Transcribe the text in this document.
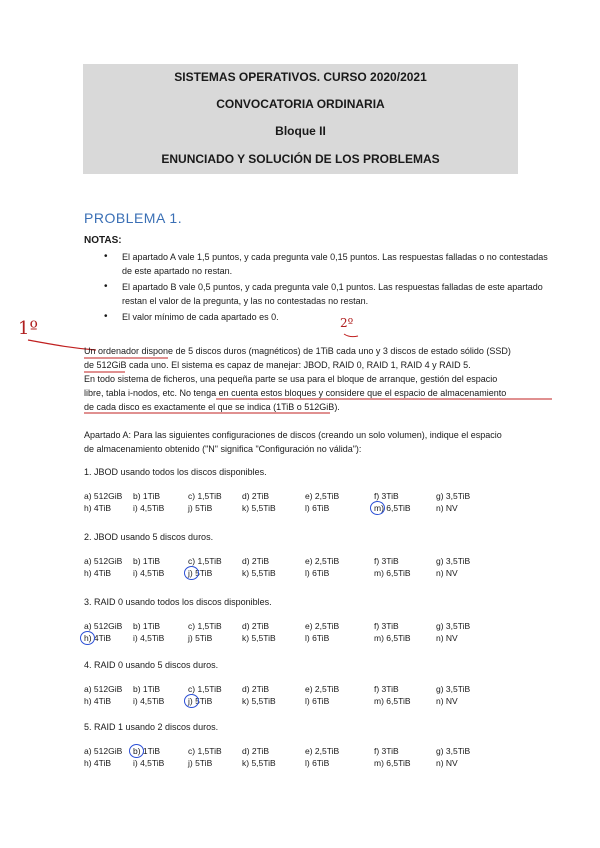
SISTEMAS OPERATIVOS. CURSO 2020/2021
CONVOCATORIA ORDINARIA
Bloque II
ENUNCIADO Y SOLUCIÓN DE LOS PROBLEMAS
PROBLEMA 1.
NOTAS:
• El apartado A vale 1,5 puntos, y cada pregunta vale 0,15 puntos. Las respuestas falladas o no contestadas de este apartado no restan.
• El apartado B vale 0,5 puntos, y cada pregunta vale 0,1 puntos. Las respuestas falladas de este apartado restan el valor de la pregunta, y las no contestadas no restan.
• El valor mínimo de cada apartado es 0.
1º	2º
Un ordenador dispone de 5 discos duros (magnéticos) de 1TiB cada uno y 3 discos de estado sólido (SSD)
de 512GiB cada uno. El sistema es capaz de manejar: JBOD, RAID 0, RAID 1, RAID 4 y RAID 5.
En todo sistema de ficheros, una pequeña parte se usa para el bloque de arranque, gestión del espacio
libre, tabla i-nodos, etc. No tenga en cuenta estos bloques y considere que el espacio de almacenamiento
de cada disco es exactamente el que se indica (1TiB o 512GiB).
Apartado A: Para las siguientes configuraciones de discos (creando un solo volumen), indique el espacio
de almacenamiento obtenido ("N" significa "Configuración no válida"):
1. JBOD usando todos los discos disponibles.
a) 512GiB b) 1TiB	c) 1,5TiB d) 2TiB	e) 2,5TiB	f) 3TiB	g) 3,5TiB
h) 4TiB	i) 4,5TiB	j) 5TiB	k) 5,5TiB	l) 6TiB	m) 6,5TiB	n) NV
2. JBOD usando 5 discos duros.
a) 512GiB b) 1TiB	c) 1,5TiB d) 2TiB	e) 2,5TiB	f) 3TiB	g) 3,5TiB
h) 4TiB	i) 4,5TiB	j) 5TiB	k) 5,5TiB	l) 6TiB	m) 6,5TiB	n) NV
3. RAID 0 usando todos los discos disponibles.
a) 512GiB b) 1TiB	c) 1,5TiB d) 2TiB	e) 2,5TiB	f) 3TiB	g) 3,5TiB
h) 4TiB	i) 4,5TiB	j) 5TiB	k) 5,5TiB	l) 6TiB	m) 6,5TiB	n) NV
4. RAID 0 usando 5 discos duros.
a) 512GiB b) 1TiB	c) 1,5TiB d) 2TiB	e) 2,5TiB	f) 3TiB	g) 3,5TiB
h) 4TiB	i) 4,5TiB	j) 5TiB	k) 5,5TiB	l) 6TiB	m) 6,5TiB	n) NV
5. RAID 1 usando 2 discos duros.
a) 512GiB b) 1TiB	c) 1,5TiB d) 2TiB	e) 2,5TiB	f) 3TiB	g) 3,5TiB
h) 4TiB	i) 4,5TiB	j) 5TiB	k) 5,5TiB	l) 6TiB	m) 6,5TiB	n) NV
